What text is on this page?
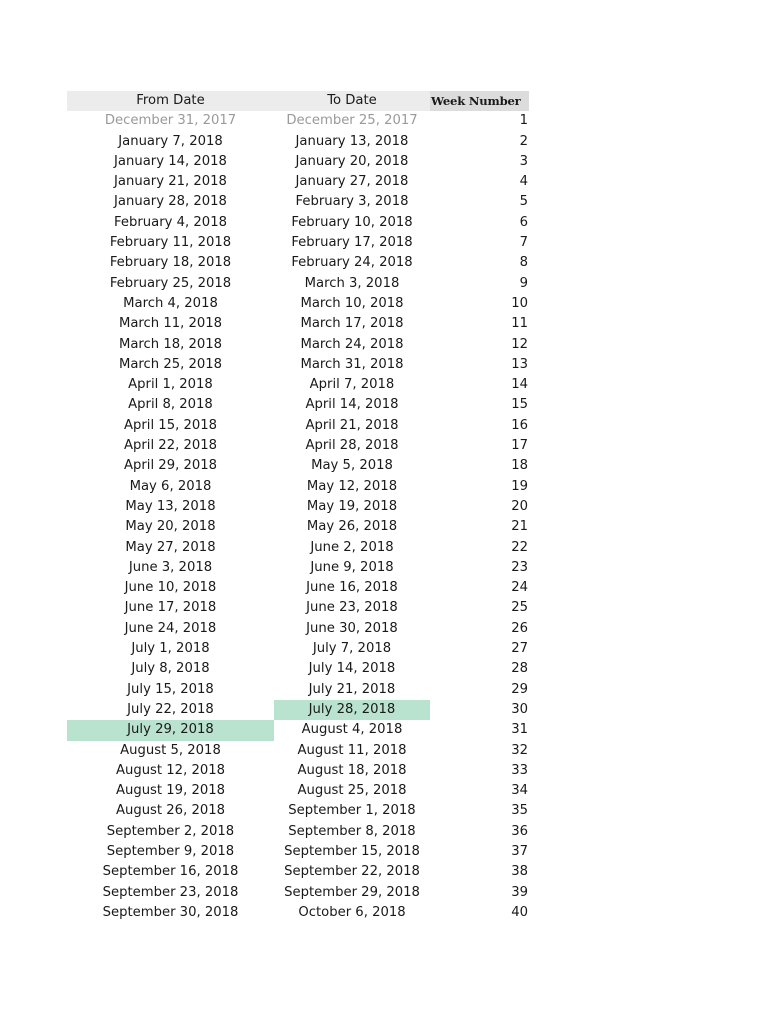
From Date	To Date	Week Number
December 31, 2017	December 25, 2017	1
January 7, 2018	January 13, 2018	2
January 14, 2018	January 20, 2018	3
January 21, 2018	January 27, 2018	4
January 28, 2018	February 3, 2018	5
February 4, 2018	February 10, 2018	6
February 11, 2018	February 17, 2018	7
February 18, 2018	February 24, 2018	8
February 25, 2018	March 3, 2018	9
March 4, 2018	March 10, 2018	10
March 11, 2018	March 17, 2018	11
March 18, 2018	March 24, 2018	12
March 25, 2018	March 31, 2018	13
April 1, 2018	April 7, 2018	14
April 8, 2018	April 14, 2018	15
April 15, 2018	April 21, 2018	16
April 22, 2018	April 28, 2018	17
April 29, 2018	May 5, 2018	18
May 6, 2018	May 12, 2018	19
May 13, 2018	May 19, 2018	20
May 20, 2018	May 26, 2018	21
May 27, 2018	June 2, 2018	22
June 3, 2018	June 9, 2018	23
June 10, 2018	June 16, 2018	24
June 17, 2018	June 23, 2018	25
June 24, 2018	June 30, 2018	26
July 1, 2018	July 7, 2018	27
July 8, 2018	July 14, 2018	28
July 15, 2018	July 21, 2018	29
July 22, 2018	July 28, 2018	30
July 29, 2018	August 4, 2018	31
August 5, 2018	August 11, 2018	32
August 12, 2018	August 18, 2018	33
August 19, 2018	August 25, 2018	34
August 26, 2018	September 1, 2018	35
September 2, 2018	September 8, 2018	36
September 9, 2018	September 15, 2018	37
September 16, 2018	September 22, 2018	38
September 23, 2018	September 29, 2018	39
September 30, 2018	October 6, 2018	40
